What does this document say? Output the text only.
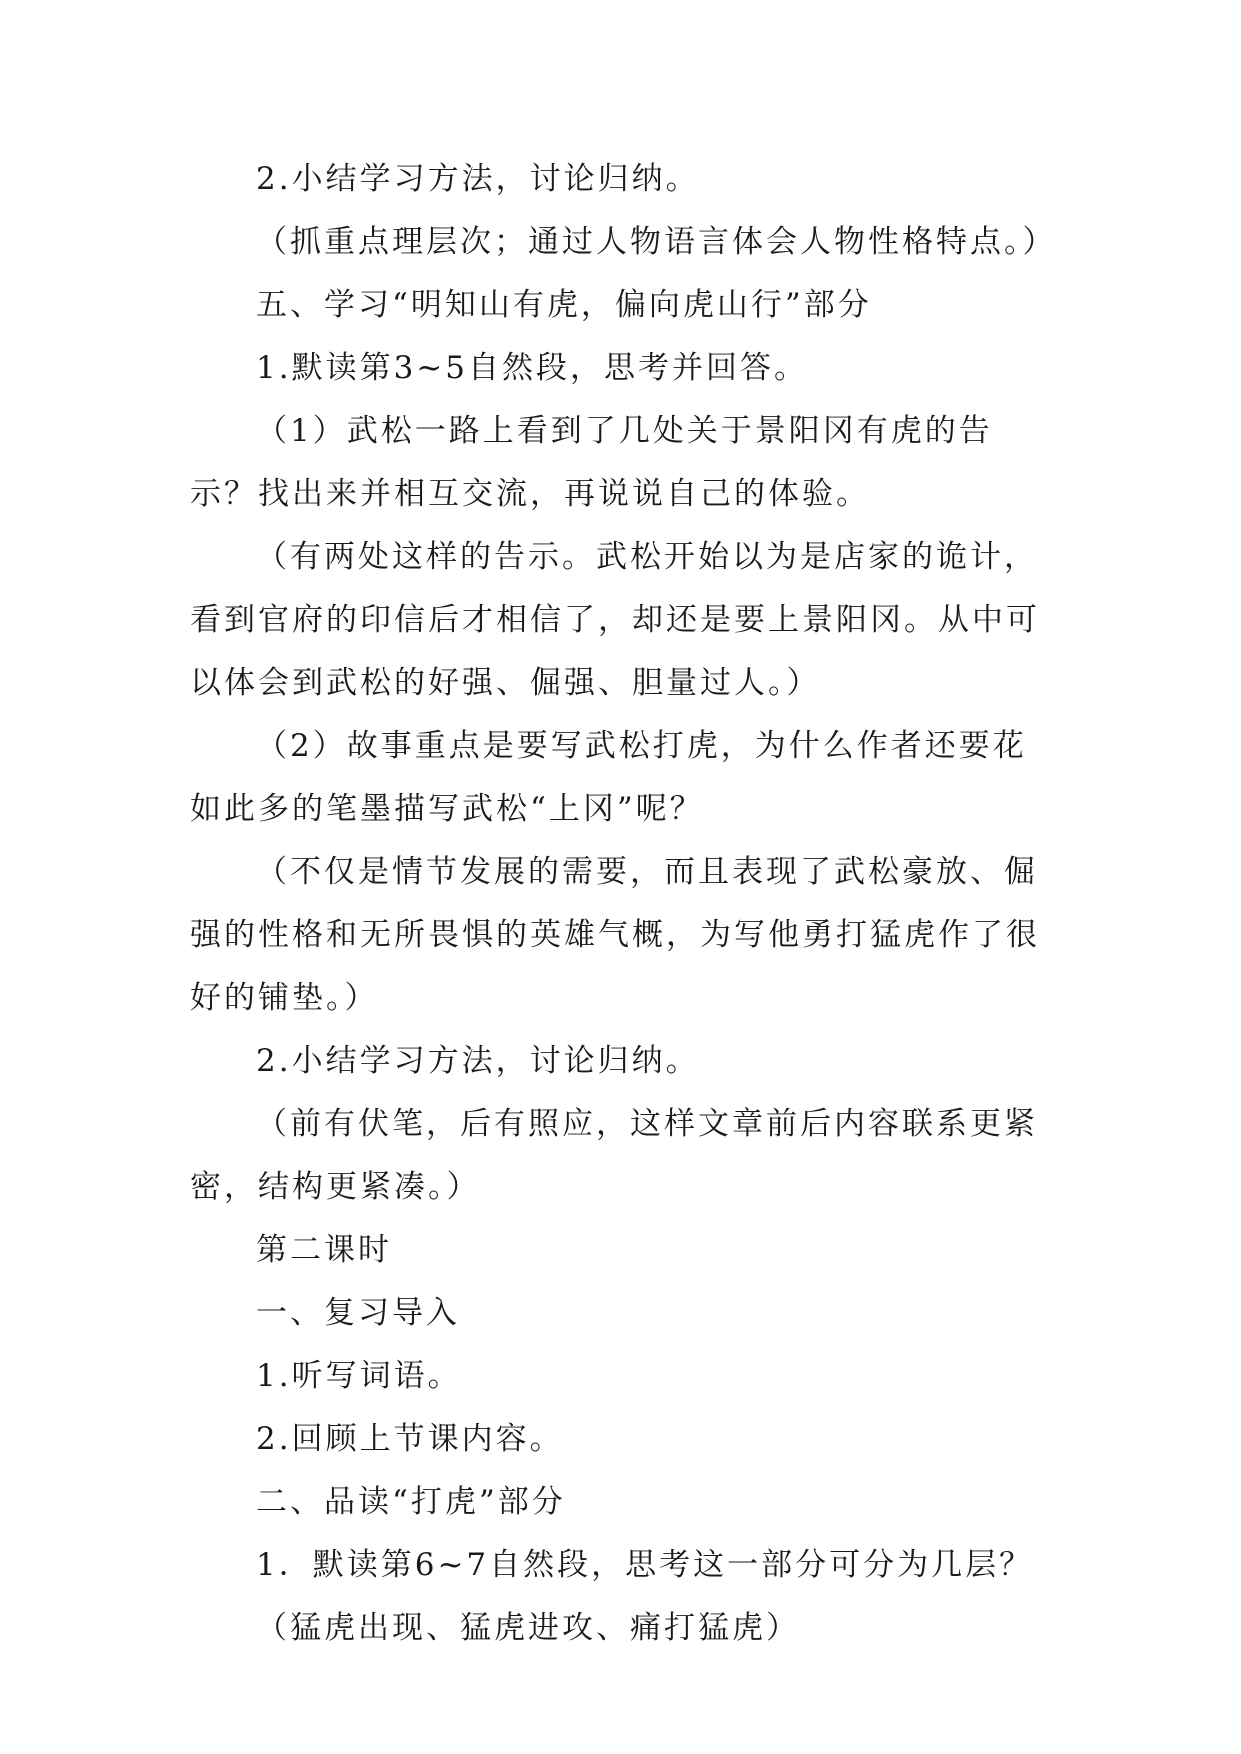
2.小结学习方法，讨论归纳。

（抓重点理层次；通过人物语言体会人物性格特点。）

五、学习“明知山有虎，偏向虎山行”部分

1.默读第3~5自然段，思考并回答。

（1）武松一路上看到了几处关于景阳冈有虎的告示？找出来并相互交流，再说说自己的体验。

（有两处这样的告示。武松开始以为是店家的诡计，看到官府的印信后才相信了，却还是要上景阳冈。从中可以体会到武松的好强、倔强、胆量过人。）

（2）故事重点是要写武松打虎，为什么作者还要花如此多的笔墨描写武松“上冈”呢？

（不仅是情节发展的需要，而且表现了武松豪放、倔强的性格和无所畏惧的英雄气概，为写他勇打猛虎作了很好的铺垫。）

2.小结学习方法，讨论归纳。

（前有伏笔，后有照应，这样文章前后内容联系更紧密，结构更紧凑。）

第二课时

一、复习导入

1.听写词语。

2.回顾上节课内容。

二、品读“打虎”部分

1．默读第6~7自然段，思考这一部分可分为几层？

（猛虎出现、猛虎进攻、痛打猛虎）
